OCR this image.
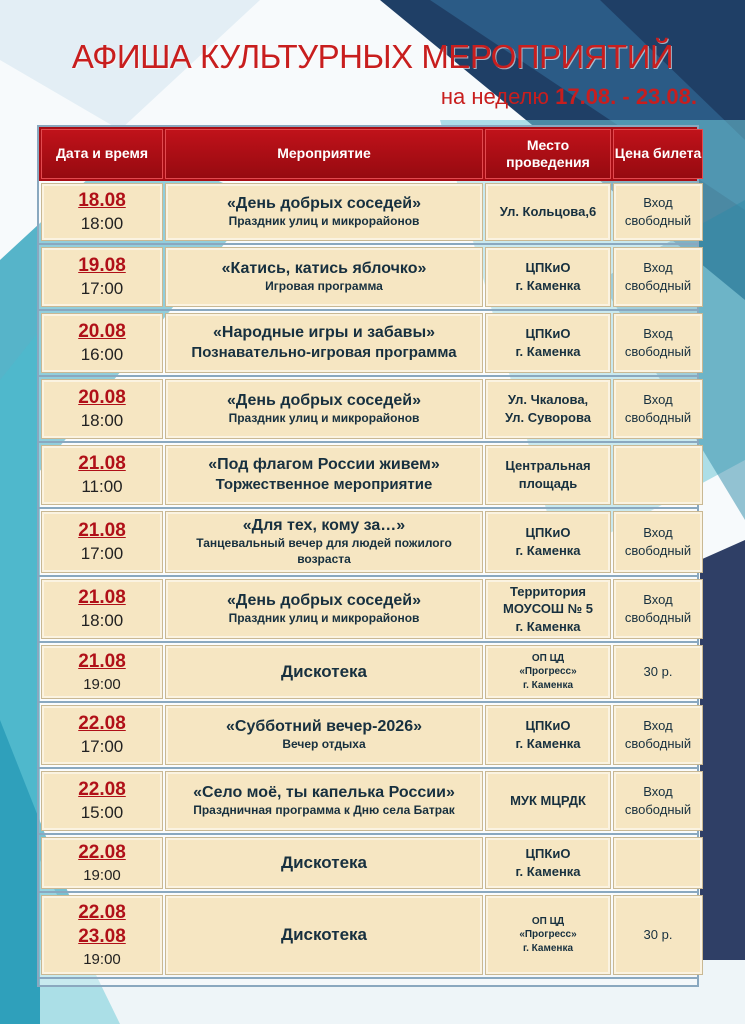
АФИША КУЛЬТУРНЫХ МЕРОПРИЯТИЙ
на неделю 17.08. - 23.08.
Дата и время	Мероприятие
Место проведения
Цена билета
18.08
18:00
«День добрых соседей»
Праздник улиц и микрорайонов
Ул. Кольцова,6
Вход
свободный
19.08
17:00
«Катись, катись яблочко»
Игровая программа
ЦПКиО
г. Каменка
Вход
свободный
20.08
16:00
«Народные игры и забавы»
Познавательно-игровая программа
ЦПКиО
г. Каменка
Вход
свободный
20.08
18:00
«День добрых соседей»
Праздник улиц и микрорайонов
Ул. Чкалова,
Ул. Суворова
Вход
свободный
21.08
11:00
«Под флагом России живем»
Торжественное мероприятие
Центральная
площадь
21.08
17:00
«Для тех, кому за…»
Танцевальный вечер для людей пожилого возраста
ЦПКиО
г. Каменка
Вход
свободный
21.08
18:00
«День добрых соседей»
Праздник улиц и микрорайонов
Территория
МОУСОШ № 5
г. Каменка
Вход
свободный
21.08
19:00
Дискотека
ОП ЦД
«Прогресс»
г. Каменка
30 р.
22.08
17:00
«Субботний вечер-2026»
Вечер отдыха
ЦПКиО
г. Каменка
Вход
свободный
22.08
15:00
«Село моё, ты капелька России»
Праздничная программа к Дню села Батрак
МУК МЦРДК
Вход
свободный
22.08
19:00
Дискотека	ЦПКиО
г. Каменка
22.08
23.08
19:00
Дискотека
ОП ЦД
«Прогресс»
г. Каменка
30 р.
